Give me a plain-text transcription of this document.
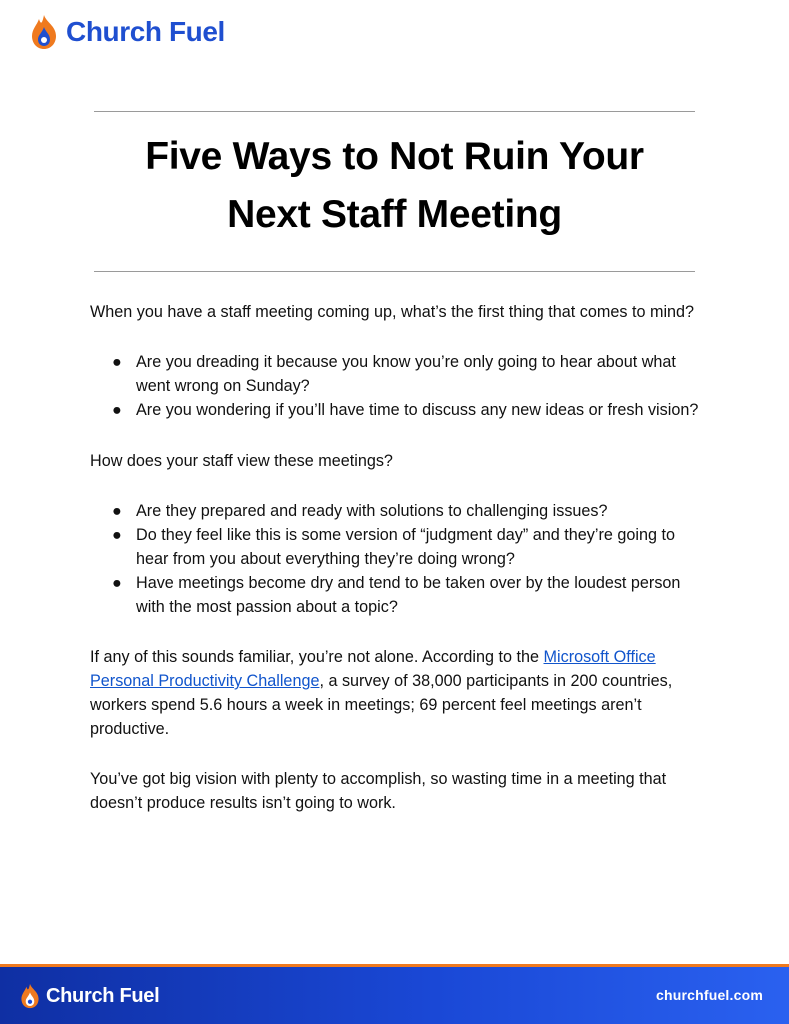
Church Fuel
Five Ways to Not Ruin Your
Next Staff Meeting

When you have a staff meeting coming up, what’s the first thing that comes to mind?

● Are you dreading it because you know you’re only going to hear about what went wrong on Sunday?
● Are you wondering if you’ll have time to discuss any new ideas or fresh vision?

How does your staff view these meetings?

● Are they prepared and ready with solutions to challenging issues?
● Do they feel like this is some version of “judgment day” and they’re going to hear from you about everything they’re doing wrong?
● Have meetings become dry and tend to be taken over by the loudest person with the most passion about a topic?

If any of this sounds familiar, you’re not alone. According to the Microsoft Office Personal Productivity Challenge, a survey of 38,000 participants in 200 countries, workers spend 5.6 hours a week in meetings; 69 percent feel meetings aren’t productive.

You’ve got big vision with plenty to accomplish, so wasting time in a meeting that doesn’t produce results isn’t going to work.

Church Fuel	churchfuel.com
